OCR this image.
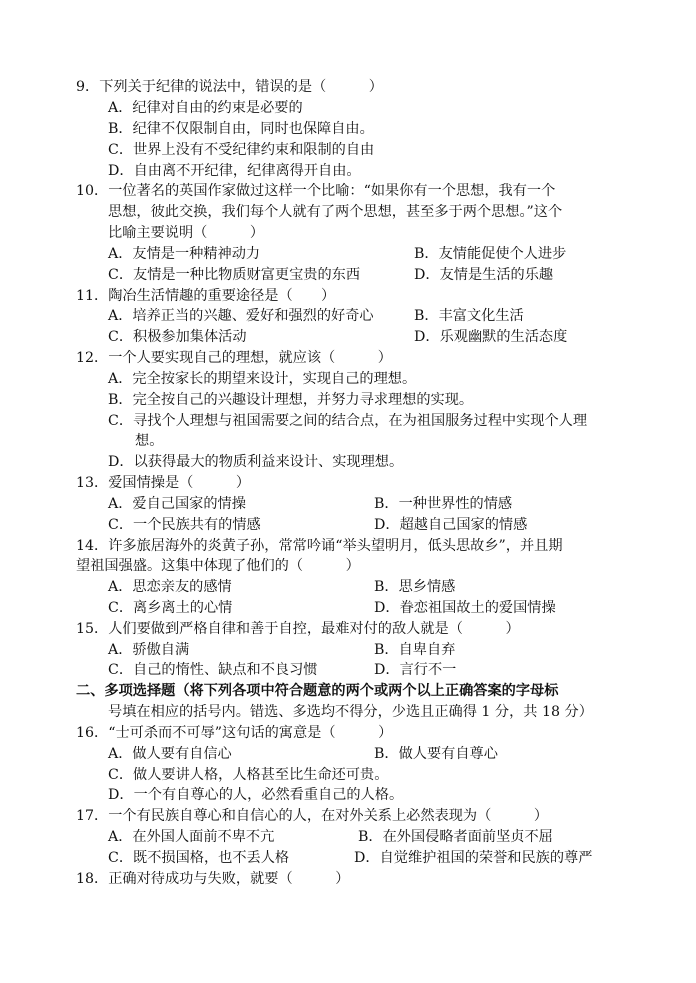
9．下列关于纪律的说法中，错误的是（　　　）
A．纪律对自由的约束是必要的
B．纪律不仅限制自由，同时也保障自由。
C．世界上没有不受纪律约束和限制的自由
D．自由离不开纪律，纪律离得开自由。
10．一位著名的英国作家做过这样一个比喻：“如果你有一个思想，我有一个
思想，彼此交换，我们每个人就有了两个思想，甚至多于两个思想。”这个
比喻主要说明（　　　）
A．友情是一种精神动力	B．友情能促使个人进步
C．友情是一种比物质财富更宝贵的东西	D．友情是生活的乐趣
11．陶冶生活情趣的重要途径是（　　）
A．培养正当的兴趣、爱好和强烈的好奇心	B．丰富文化生活
C．积极参加集体活动	D．乐观幽默的生活态度
12．一个人要实现自己的理想，就应该（　　　）
A．完全按家长的期望来设计，实现自己的理想。
B．完全按自己的兴趣设计理想，并努力寻求理想的实现。
C．寻找个人理想与祖国需要之间的结合点，在为祖国服务过程中实现个人理
想。
D．以获得最大的物质利益来设计、实现理想。
13．爱国情操是（　　　）
A．爱自己国家的情操	B．一种世界性的情感
C．一个民族共有的情感	D．超越自己国家的情感
14．许多旅居海外的炎黄子孙，常常吟诵“举头望明月，低头思故乡”，并且期
望祖国强盛。这集中体现了他们的（　　　）
A．思恋亲友的感情	B．思乡情感
C．离乡离土的心情	D．眷恋祖国故土的爱国情操
15．人们要做到严格自律和善于自控，最难对付的敌人就是（　　　）
A．骄傲自满	B．自卑自弃
C．自己的惰性、缺点和不良习惯	D．言行不一
二、多项选择题（将下列各项中符合题意的两个或两个以上正确答案的字母标
号填在相应的括号内。错选、多选均不得分，少选且正确得 1 分，共 18 分）
16．“士可杀而不可辱”这句话的寓意是（　　　）
A．做人要有自信心	B．做人要有自尊心
C．做人要讲人格，人格甚至比生命还可贵。
D．一个有自尊心的人，必然看重自己的人格。
17．一个有民族自尊心和自信心的人，在对外关系上必然表现为（　　　）
A．在外国人面前不卑不亢	B．在外国侵略者面前坚贞不屈
C．既不损国格，也不丢人格	D．自觉维护祖国的荣誉和民族的尊严
18．正确对待成功与失败，就要（　　　）
